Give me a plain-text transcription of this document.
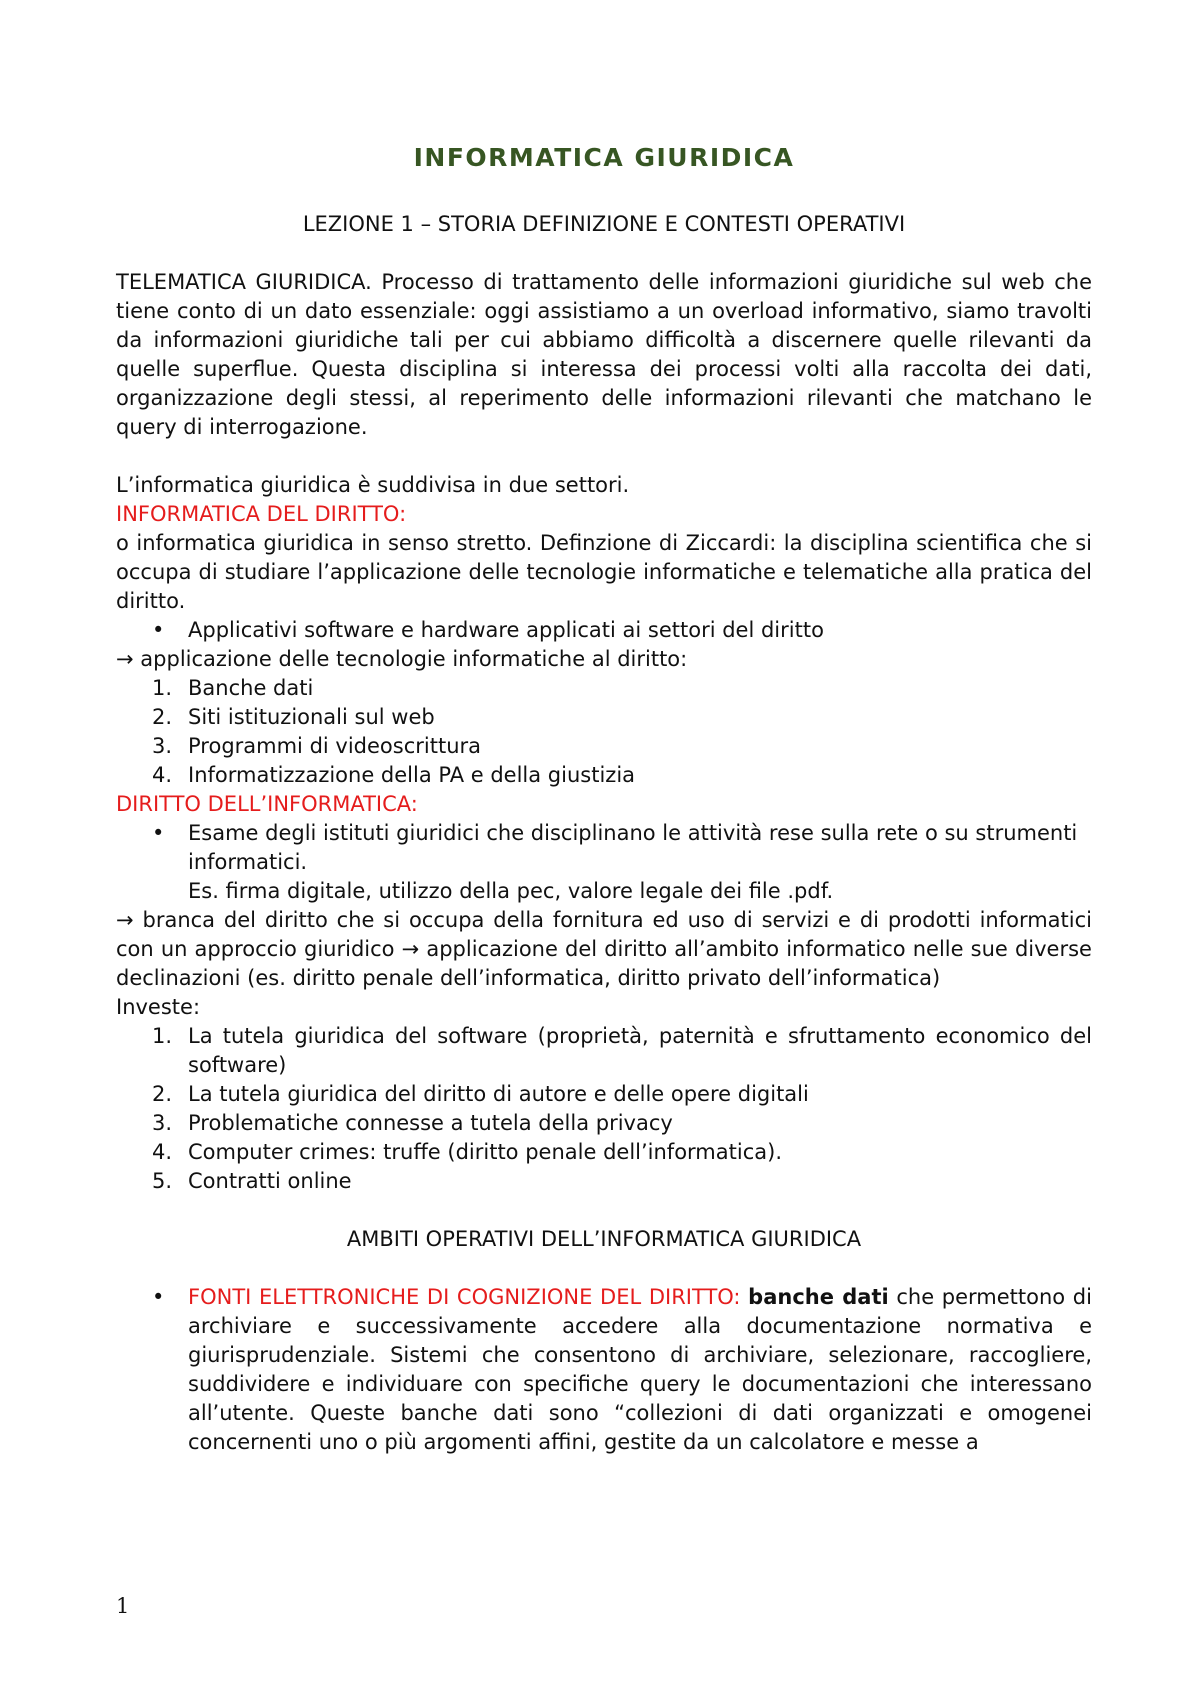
INFORMATICA GIURIDICA

LEZIONE 1 – STORIA DEFINIZIONE E CONTESTI OPERATIVI

TELEMATICA GIURIDICA. Processo di trattamento delle informazioni giuridiche sul web che tiene conto di un dato essenziale: oggi assistiamo a un overload informativo, siamo travolti da informazioni giuridiche tali per cui abbiamo difficoltà a discernere quelle rilevanti da quelle superflue. Questa disciplina si interessa dei processi volti alla raccolta dei dati, organizzazione degli stessi, al reperimento delle informazioni rilevanti che matchano le query di interrogazione.

L’informatica giuridica è suddivisa in due settori.

INFORMATICA DEL DIRITTO:

o informatica giuridica in senso stretto. Definzione di Ziccardi: la disciplina scientifica che si occupa di studiare l’applicazione delle tecnologie informatiche e telematiche alla pratica del diritto.

• Applicativi software e hardware applicati ai settori del diritto

→ applicazione delle tecnologie informatiche al diritto:

1. Banche dati
2. Siti istituzionali sul web
3. Programmi di videoscrittura
4. Informatizzazione della PA e della giustizia

DIRITTO DELL’INFORMATICA:

• Esame degli istituti giuridici che disciplinano le attività rese sulla rete o su strumenti informatici.

Es. firma digitale, utilizzo della pec, valore legale dei file .pdf.

→ branca del diritto che si occupa della fornitura ed uso di servizi e di prodotti informatici con un approccio giuridico → applicazione del diritto all’ambito informatico nelle sue diverse declinazioni (es. diritto penale dell’informatica, diritto privato dell’informatica)

Investe:

1. La tutela giuridica del software (proprietà, paternità e sfruttamento economico del software)
2. La tutela giuridica del diritto di autore e delle opere digitali
3. Problematiche connesse a tutela della privacy
4. Computer crimes: truffe (diritto penale dell’informatica).
5. Contratti online

AMBITI OPERATIVI DELL’INFORMATICA GIURIDICA

• FONTI ELETTRONICHE DI COGNIZIONE DEL DIRITTO: banche dati che permettono di archiviare e successivamente accedere alla documentazione normativa e giurisprudenziale. Sistemi che consentono di archiviare, selezionare, raccogliere, suddividere e individuare con specifiche query le documentazioni che interessano all’utente. Queste banche dati sono “collezioni di dati organizzati e omogenei concernenti uno o più argomenti affini, gestite da un calcolatore e messe a
1
